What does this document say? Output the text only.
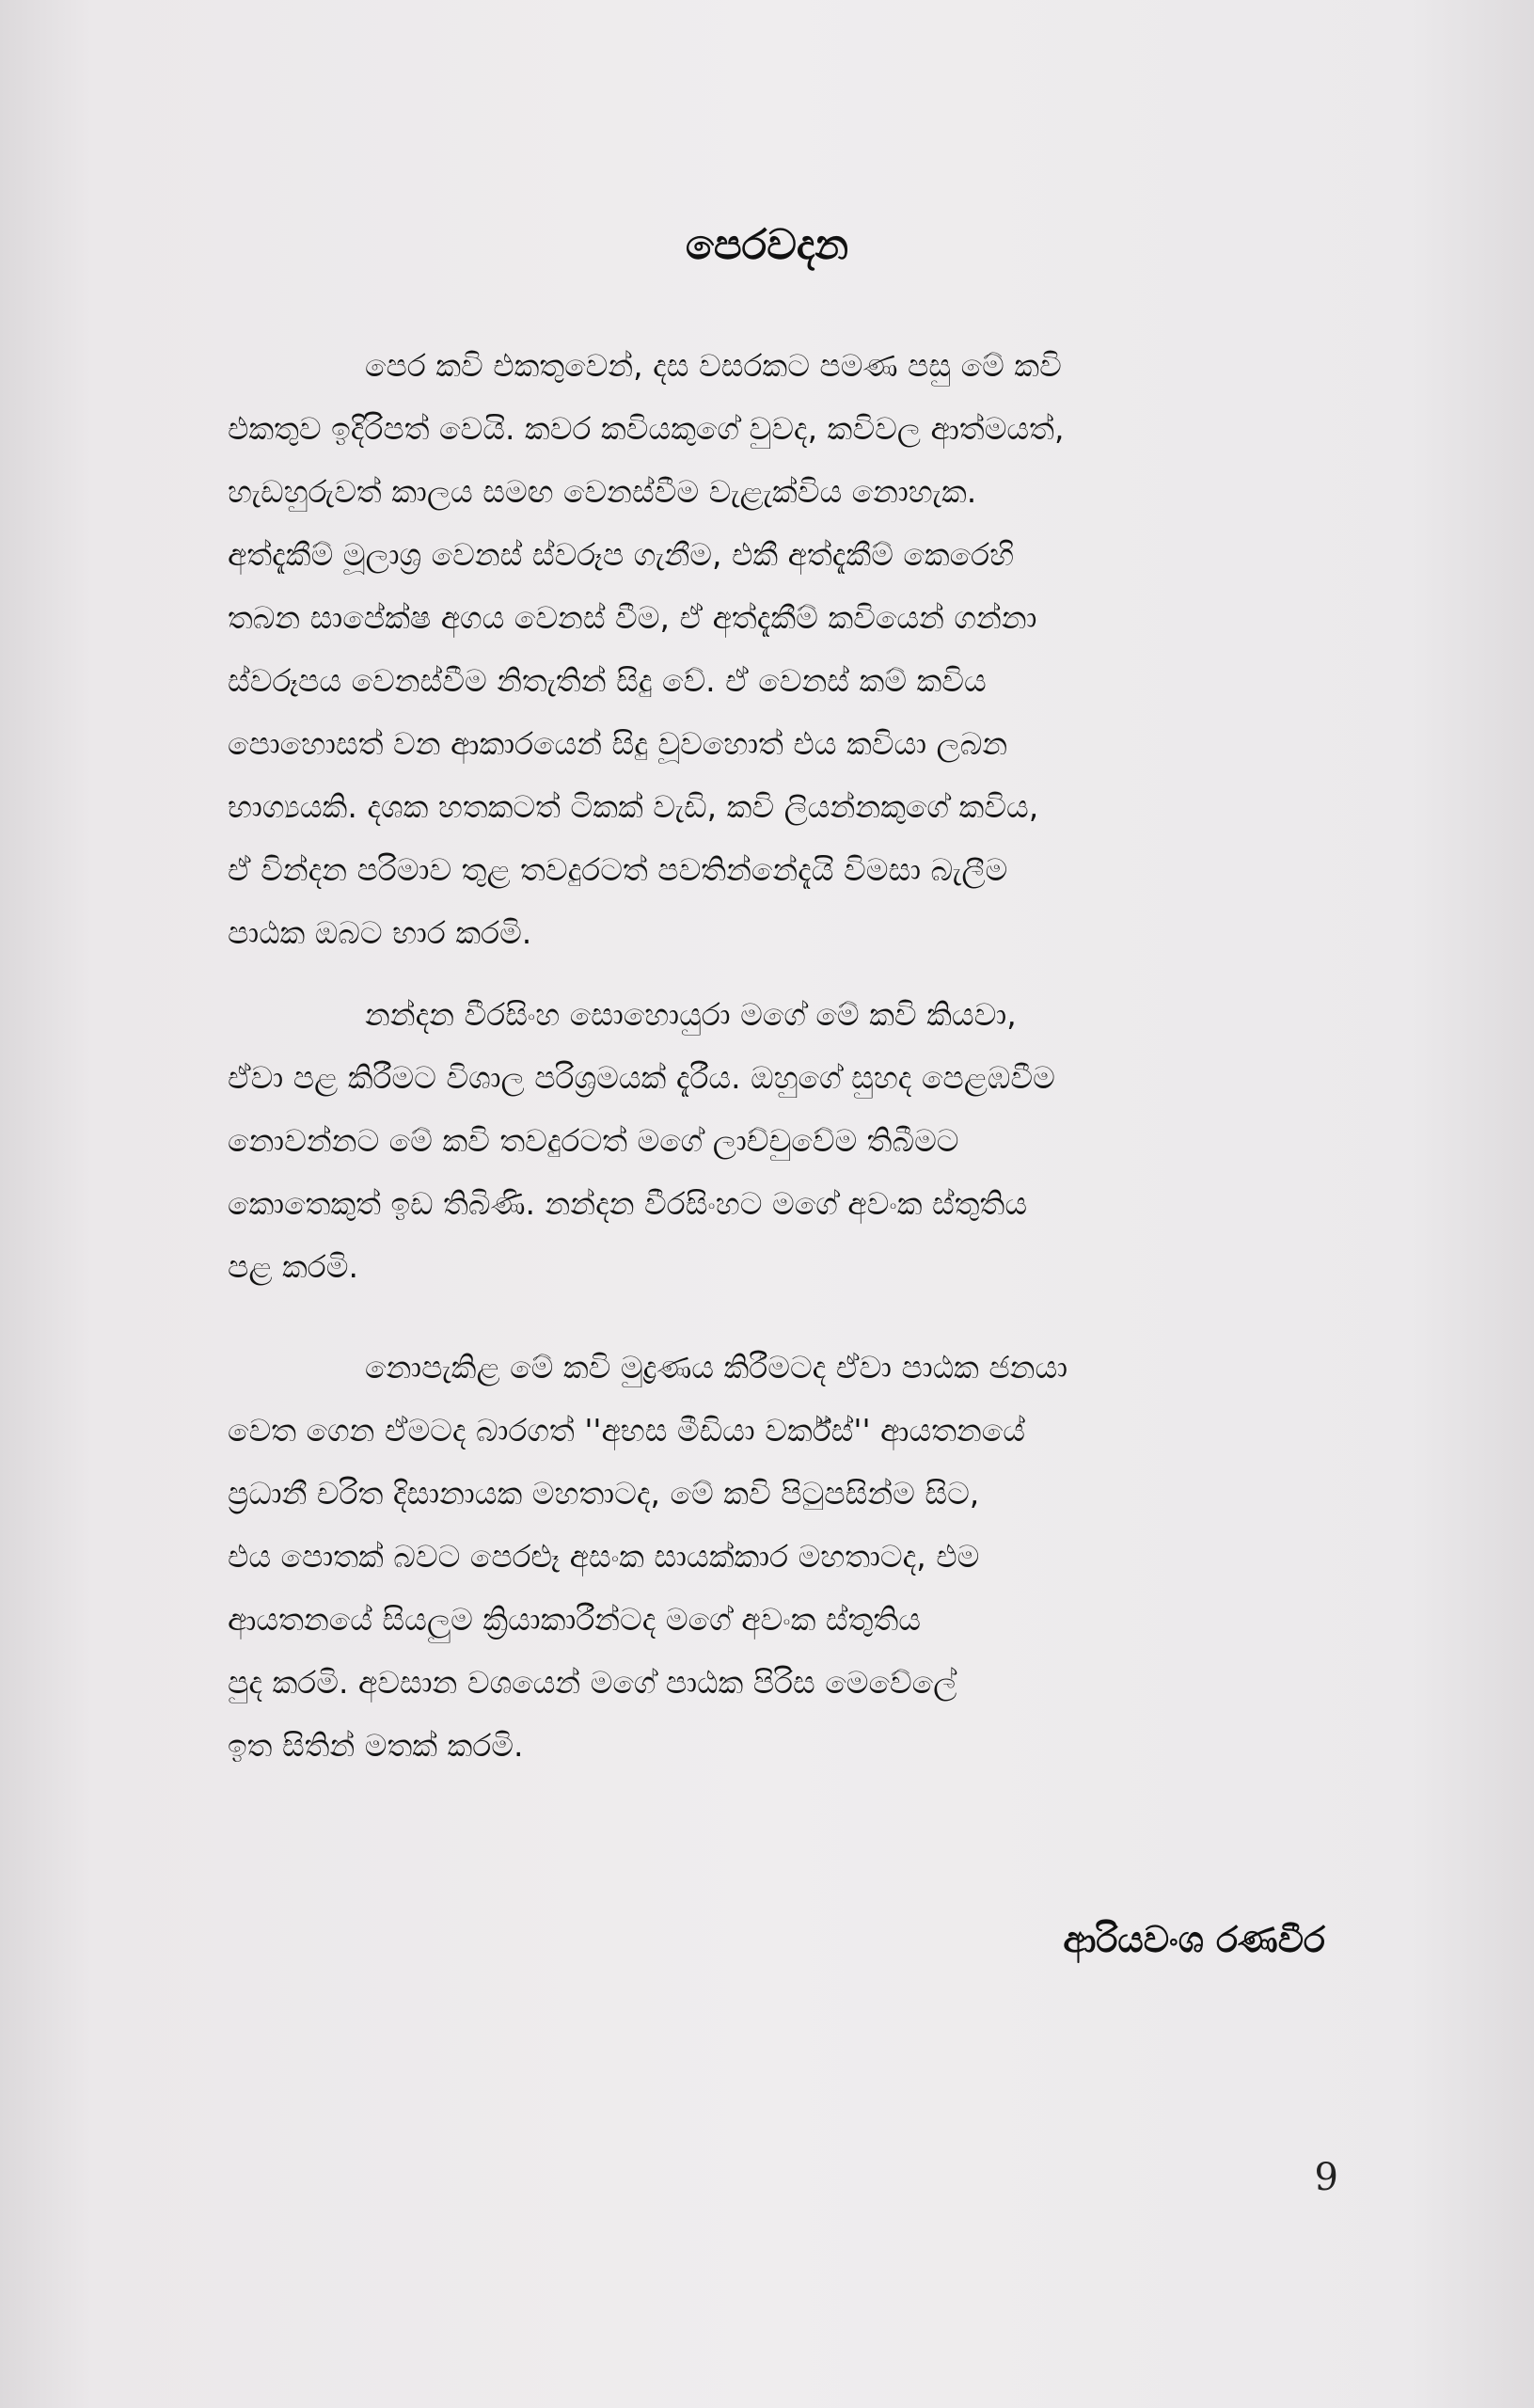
පෙරවදන

පෙර කවි එකතුවෙන්, දස වසරකට පමණ පසු මේ කවි
එකතුව ඉදිරිපත් වෙයි. කවර කවියකුගේ වුවද, කවිවල ආත්මයත්,
හැඩහුරුවත් කාලය සමඟ වෙනස්වීම වැළැක්විය නොහැක.
අත්දැකීම් මූලාශ්‍ර වෙනස් ස්වරූප ගැනීම, එකී අත්දැකීම් කෙරෙහි
තබන සාපේක්ෂ අගය වෙනස් වීම, ඒ අත්දැකීම් කවියෙන් ගන්නා
ස්වරූපය වෙනස්වීම නිතැතින් සිදු වේ. ඒ වෙනස් කම් කවිය
පොහොසත් වන ආකාරයෙන් සිදු වූවහොත් එය කවියා ලබන
භාග්‍යයකි. දශක හතකටත් ටිකක් වැඩි, කවි ලියන්නකුගේ කවිය,
ඒ වින්දන පරිමාව තුළ තවදුරටත් පවතින්නේදැයි විමසා බැලීම
පාඨක ඔබට භාර කරමි.

නන්දන වීරසිංහ සොහොයුරා මගේ මේ කවි කියවා,
ඒවා පළ කිරීමට විශාල පරිශ්‍රමයක් දැරීය. ඔහුගේ සුහද පෙළඹවීම
නොවන්නට මේ කවි තවදුරටත් මගේ ලාච්චුවේම තිබීමට
කොතෙකුත් ඉඩ තිබිණි. නන්දන වීරසිංහට මගේ අවංක ස්තුතිය
පළ කරමි.

නොපැකිළ මේ කවි මුද්‍රණය කිරීමටද ඒවා පාඨක ජනයා
වෙත ගෙන ඒමටද බාරගත් ''අභස මීඩියා වර්ක්ස්'' ආයතනයේ
ප්‍රධානී චරිත දිසානායක මහතාටද, මේ කවි පිටුපසින්ම සිට,
එය පොතක් බවට පෙරළූ අසංක සායක්කාර මහතාටද, එම
ආයතනයේ සියලුම ක්‍රියාකාරීන්ටද මගේ අවංක ස්තුතිය
පුද කරමි. අවසාන වශයෙන් මගේ පාඨක පිරිස මෙවේලේ
ඉත සිතින් මතක් කරමි.

ආරියවංශ රණවීර
9
